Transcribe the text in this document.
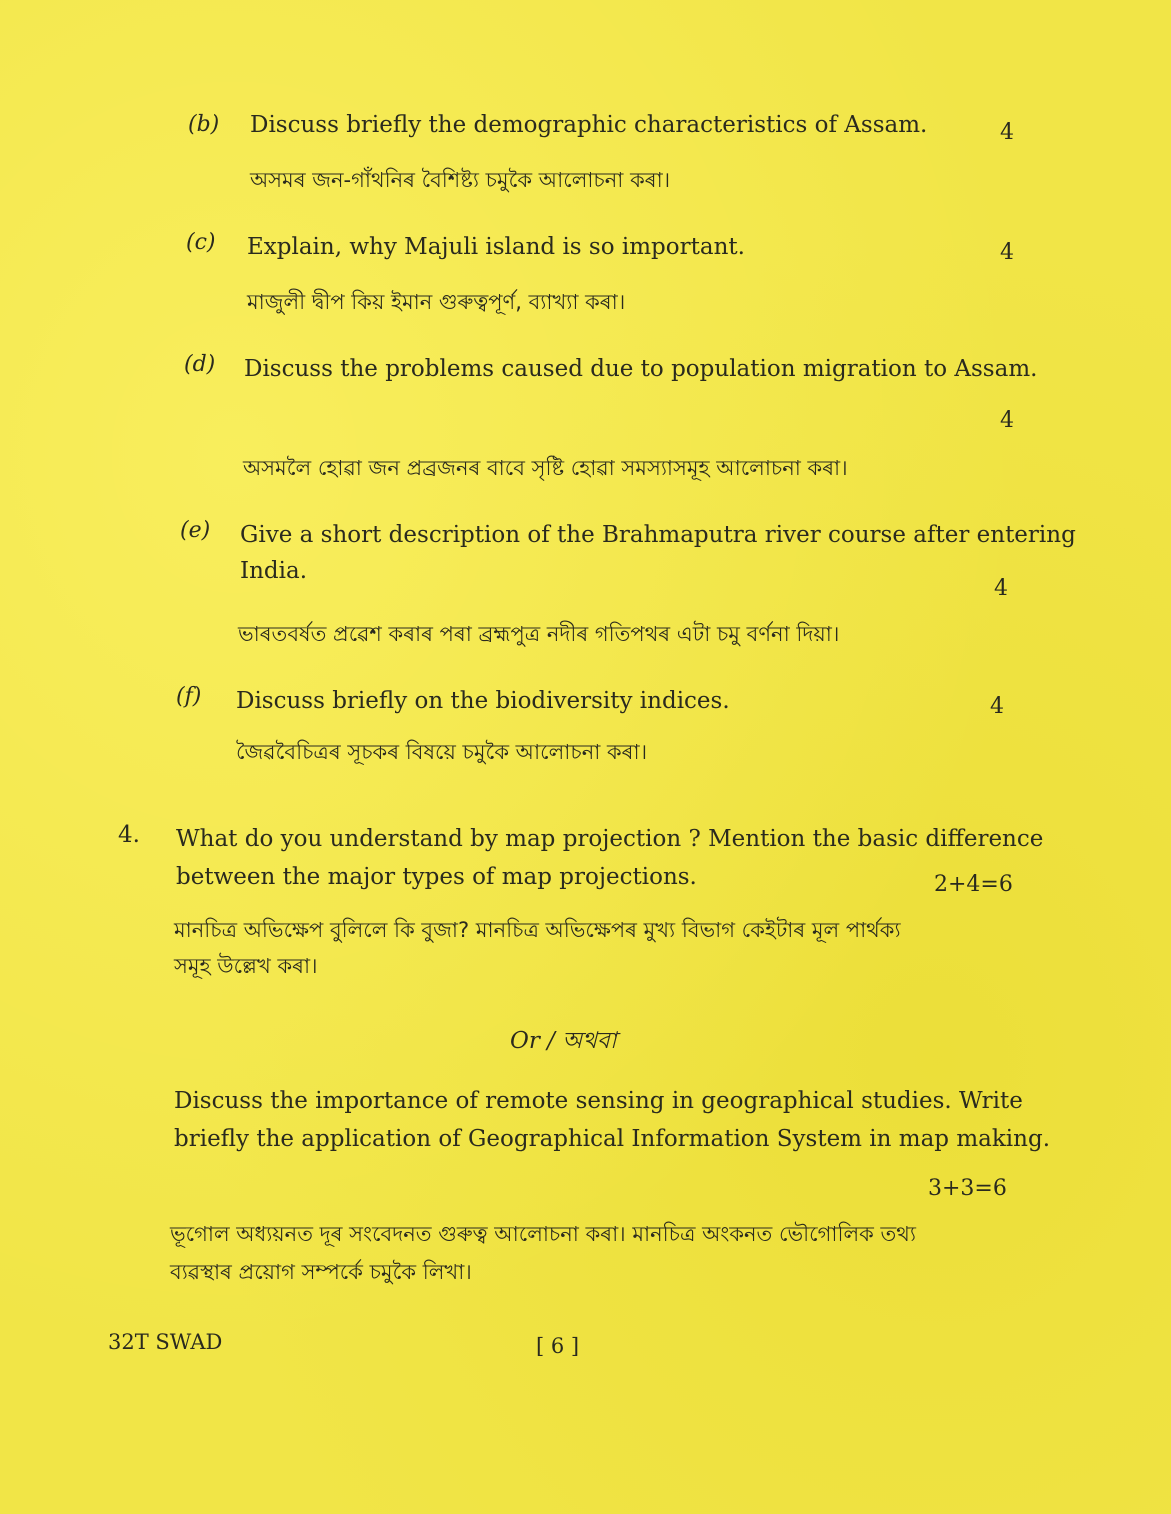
(b) Discuss briefly the demographic characteristics of Assam.	4
অসমৰ জন-গাঁথনিৰ বৈশিষ্ট্য চমুকৈ আলোচনা কৰা।
(c) Explain, why Majuli island is so important.	4
মাজুলী দ্বীপ কিয় ইমান গুৰুত্বপূৰ্ণ, ব্যাখ্যা কৰা।
(d) Discuss the problems caused due to population migration to Assam.
4
অসমলৈ হোৱা জন প্ৰব্ৰজনৰ বাবে সৃষ্টি হোৱা সমস্যাসমূহ আলোচনা কৰা।
(e) Give a short description of the Brahmaputra river course after entering
India.
4
ভাৰতবৰ্ষত প্ৰৱেশ কৰাৰ পৰা ব্ৰহ্মপুত্ৰ নদীৰ গতিপথৰ এটা চমু বৰ্ণনা দিয়া।
(f) Discuss briefly on the biodiversity indices.	4
জৈৱবৈচিত্ৰৰ সূচকৰ বিষয়ে চমুকৈ আলোচনা কৰা।
4. What do you understand by map projection ? Mention the basic difference
between the major types of map projections.	2+4=6
মানচিত্ৰ অভিক্ষেপ বুলিলে কি বুজা? মানচিত্ৰ অভিক্ষেপৰ মুখ্য বিভাগ কেইটাৰ মূল পাৰ্থক্য
সমূহ উল্লেখ কৰা।
Or / অথবা
Discuss the importance of remote sensing in geographical studies. Write
briefly the application of Geographical Information System in map making.
3+3=6
ভূগোল অধ্যয়নত দূৰ সংবেদনত গুৰুত্ব আলোচনা কৰা। মানচিত্ৰ অংকনত ভৌগোলিক তথ্য
ব্যৱস্থাৰ প্ৰয়োগ সম্পৰ্কে চমুকৈ লিখা।
32T SWAD	[ 6 ]
